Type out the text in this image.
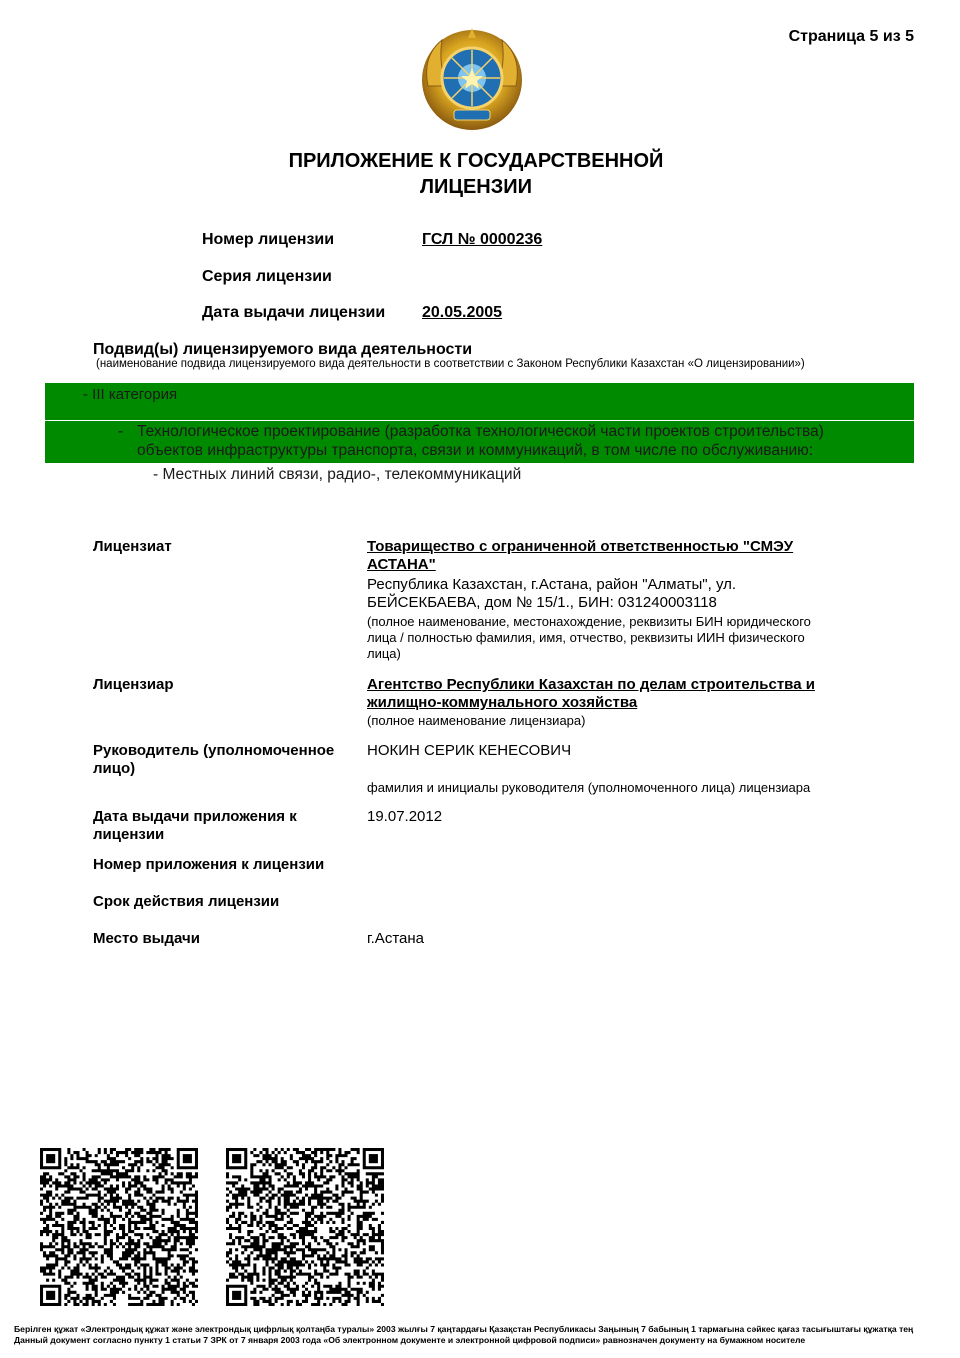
Страница 5 из 5
ПРИЛОЖЕНИЕ К ГОСУДАРСТВЕННОЙ
ЛИЦЕНЗИИ
Номер лицензии	ГСЛ № 0000236
Серия лицензии
Дата выдачи лицензии 20.05.2005
Подвид(ы) лицензируемого вида деятельности
(наименование подвида лицензируемого вида деятельности в соответствии с Законом Республики Казахстан «О лицензировании»)
- III категория
- Технологическое проектирование (разработка технологической части проектов строительства)
объектов инфраструктуры транспорта, связи и коммуникаций, в том числе по обслуживанию:
- Местных линий связи, радио-, телекоммуникаций
Лицензиат	Товарищество с ограниченной ответственностью "СМЭУ
АСТАНА"
Республика Казахстан, г.Астана, район "Алматы", ул.
БЕЙСЕКБАЕВА, дом № 15/1., БИН: 031240003118
(полное наименование, местонахождение, реквизиты БИН юридического
лица / полностью фамилия, имя, отчество, реквизиты ИИН физического
лица)
Лицензиар	Агентство Республики Казахстан по делам строительства и
жилищно-коммунального хозяйства
(полное наименование лицензиара)
Руководитель (уполномоченное
лицо)
НОКИН СЕРИК КЕНЕСОВИЧ
фамилия и инициалы руководителя (уполномоченного лица) лицензиара
Дата выдачи приложения к
лицензии
19.07.2012
Номер приложения к лицензии
Срок действия лицензии
Место выдачи	г.Астана
Берілген құжат «Электрондық құжат және электрондық цифрлық қолтаңба туралы» 2003 жылғы 7 қаңтардағы Қазақстан Республикасы Заңының 7 бабының 1 тармағына сәйкес қағаз тасығыштағы құжатқа тең
Данный документ согласно пункту 1 статьи 7 ЗРК от 7 января 2003 года «Об электронном документе и электронной цифровой подписи» равнозначен документу на бумажном носителе
